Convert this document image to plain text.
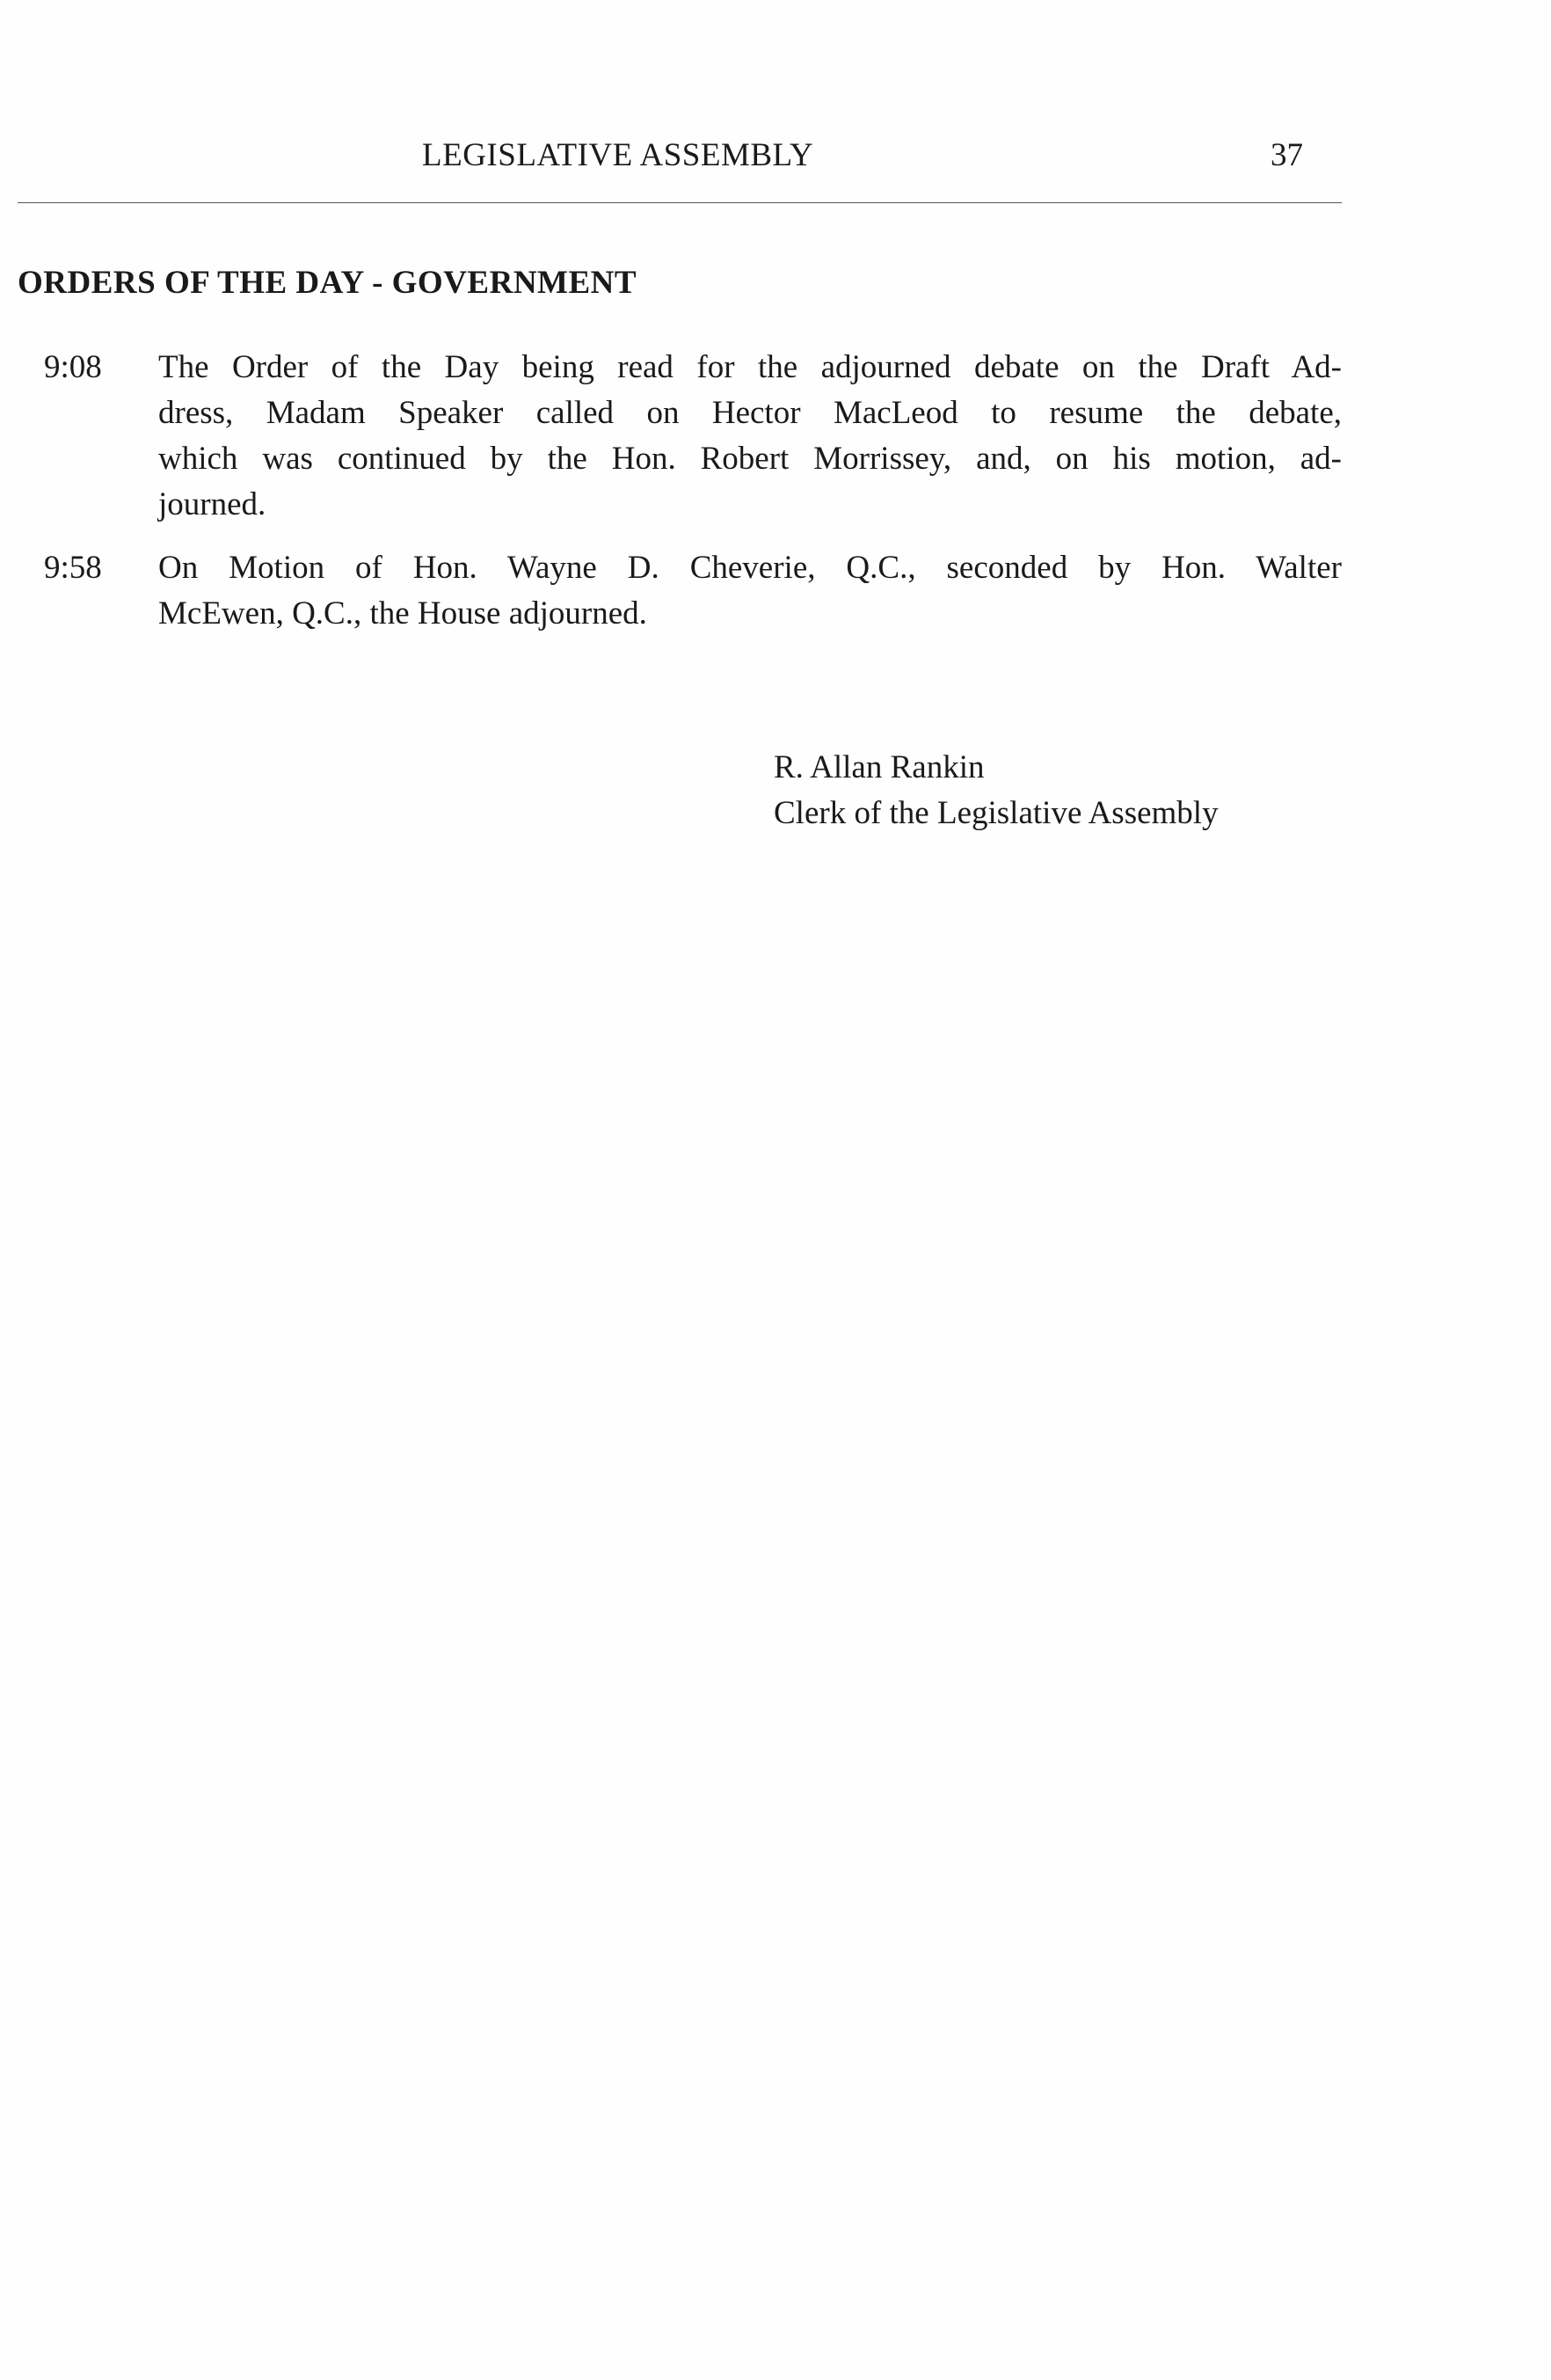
LEGISLATIVE ASSEMBLY	37
ORDERS OF THE DAY - GOVERNMENT
9:08 The Order of the Day being read for the adjourned debate on the Draft Ad-
dress, Madam Speaker called on Hector MacLeod to resume the debate,
which was continued by the Hon. Robert Morrissey, and, on his motion, ad-
journed.
9:58 On Motion of Hon. Wayne D. Cheverie, Q.C., seconded by Hon. Walter
McEwen, Q.C., the House adjourned.
R. Allan Rankin
Clerk of the Legislative Assembly
